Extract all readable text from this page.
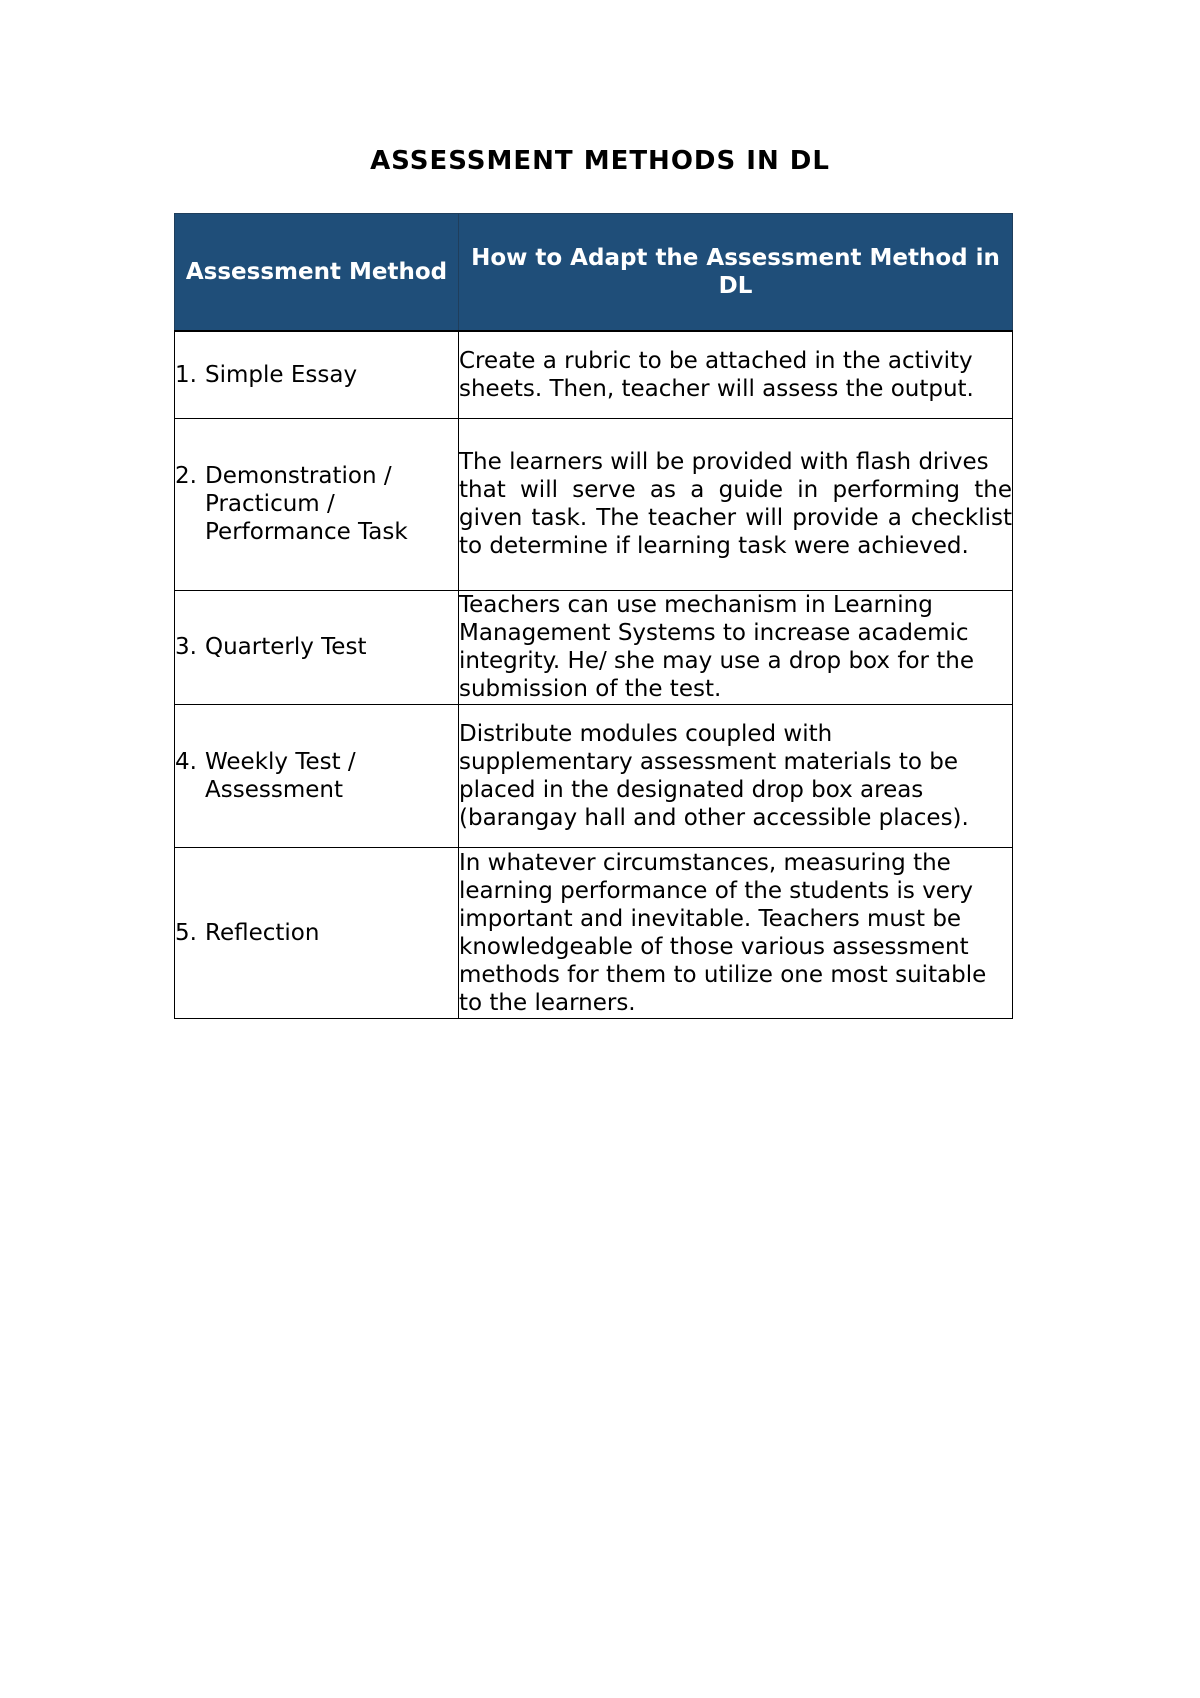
ASSESSMENT METHODS IN DL
Assessment Method	How to Adapt the Assessment Method in DL

1. Simple Essay	Create a rubric to be attached in the activity sheets. Then, teacher will assess the output.

2. Demonstration / Practicum / Performance Task	The learners will be provided with flash drives
that will serve as a guide in performing the given task. The teacher will provide a checklist to determine if learning task were achieved.

3. Quarterly Test	Teachers can use mechanism in Learning Management Systems to increase academic integrity. He/ she may use a drop box for the submission of the test.

4. Weekly Test / Assessment	Distribute modules coupled with supplementary assessment materials to be placed in the designated drop box areas (barangay hall and other accessible places).

5. Reflection	In whatever circumstances, measuring the learning performance of the students is very important and inevitable. Teachers must be knowledgeable of those various assessment methods for them to utilize one most suitable to the learners.
